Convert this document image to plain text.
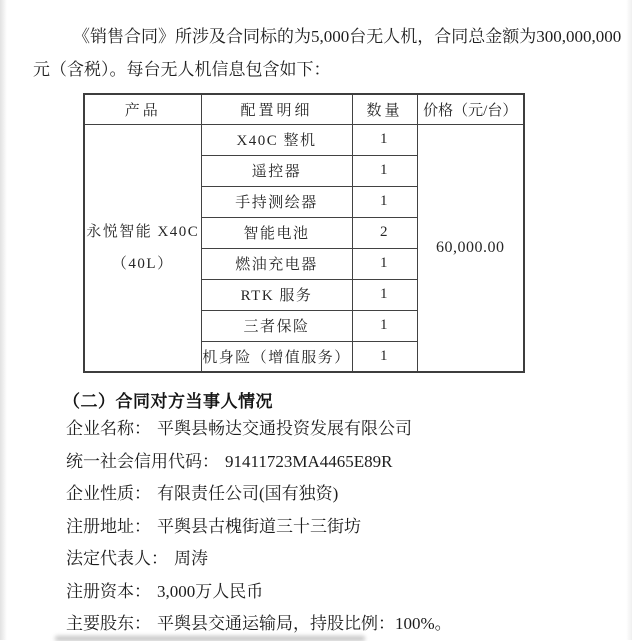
《销售合同》所涉及合同标的为5,000台无人机，合同总金额为300,000,000
元（含税）。每台无人机信息包含如下：

产品	配置明细	数量	价格（元/台）

永悦智能 X40C
（40L）	X40C 整机	1	60,000.00
	遥控器	1	
	手持测绘器	1	
	智能电池	2	
	燃油充电器	1	
	RTK 服务	1	
	三者保险	1	
	机身险（增值服务）	1	
（二）合同对方当事人情况
企业名称： 平舆县畅达交通投资发展有限公司
统一社会信用代码： 91411723MA4465E89R
企业性质： 有限责任公司(国有独资)
注册地址： 平舆县古槐街道三十三街坊
法定代表人： 周涛
注册资本： 3,000万人民币
主要股东： 平舆县交通运输局，持股比例：100%。
